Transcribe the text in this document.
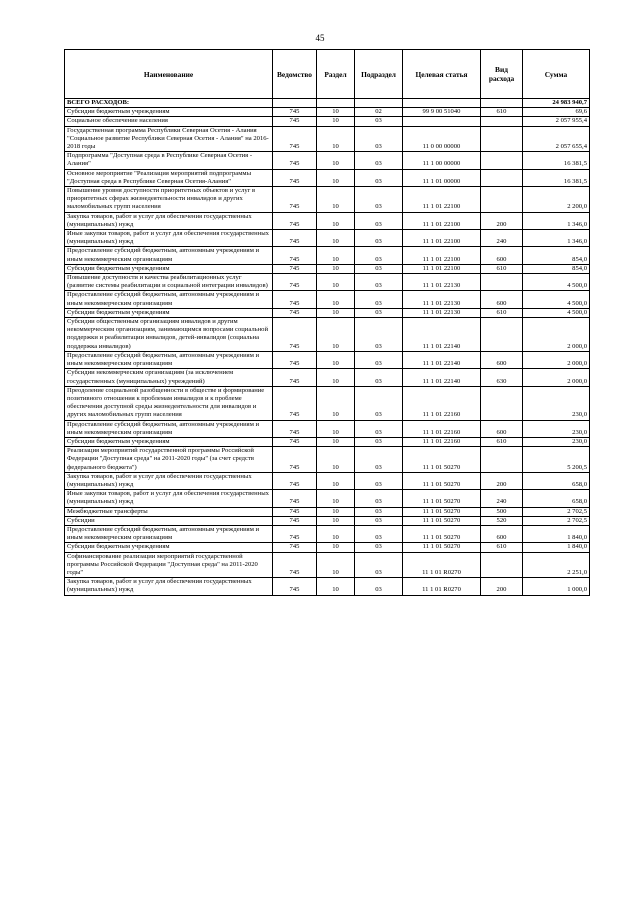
45
Наименование	Ведомство	Раздел	Подраздел	Целевая статья	Вид расхода	Сумма
ВСЕГО РАСХОДОВ:						24 983 940,7
Субсидии бюджетным учреждениям	745	10	02	99 9 00 51040	610	69,6
Социальное обеспечение населения	745	10	03			2 057 955,4
Государственная программа Республики Северная Осетия - Алания "Социальное развитие Республики Северная Осетия - Алания" на 2016-2018 годы	745	10	03	11 0 00 00000		2 057 655,4
Подпрограмма "Доступная среда в Республике Северная Осетия - Алания"	745	10	03	11 1 00 00000		16 381,5
Основное мероприятие "Реализация мероприятий подпрограммы "Доступная среда в Республике Северная Осетия-Алания"	745	10	03	11 1 01 00000		16 381,5
Повышение уровня доступности приоритетных объектов и услуг в приоритетных сферах жизнедеятельности инвалидов и других маломобильных групп населения	745	10	03	11 1 01 22100		2 200,0
Закупка товаров, работ и услуг для обеспечения государственных (муниципальных) нужд	745	10	03	11 1 01 22100	200	1 346,0
Иные закупки товаров, работ и услуг для обеспечения государственных (муниципальных) нужд	745	10	03	11 1 01 22100	240	1 346,0
Предоставление субсидий бюджетным, автономным учреждениям и иным некоммерческим организациям	745	10	03	11 1 01 22100	600	854,0
Субсидии бюджетным учреждениям	745	10	03	11 1 01 22100	610	854,0
Повышение доступности и качества реабилитационных услуг (развитие системы реабилитации и социальной интеграции инвалидов)	745	10	03	11 1 01 22130		4 500,0
Предоставление субсидий бюджетным, автономным учреждениям и иным некоммерческим организациям	745	10	03	11 1 01 22130	600	4 500,0
Субсидии бюджетным учреждениям	745	10	03	11 1 01 22130	610	4 500,0
Субсидии общественным организациям инвалидов и другим некоммерческим организациям, занимающимся вопросами социальной поддержки и реабилитации инвалидов, детей-инвалидов (социальна поддержка инвалидов)	745	10	03	11 1 01 22140		2 000,0
Предоставление субсидий бюджетным, автономным учреждениям и иным некоммерческим организациям	745	10	03	11 1 01 22140	600	2 000,0
Субсидии некоммерческим организациям (за исключением государственных (муниципальных) учреждений)	745	10	03	11 1 01 22140	630	2 000,0
Преодоление социальной разобщенности в обществе и формирование позитивного отношения к проблемам инвалидов и к проблеме обеспечения доступной среды жизнедеятельности для инвалидов и других маломобильных групп населения	745	10	03	11 1 01 22160		230,0
Предоставление субсидий бюджетным, автономным учреждениям и иным некоммерческим организациям	745	10	03	11 1 01 22160	600	230,0
Субсидии бюджетным учреждениям	745	10	03	11 1 01 22160	610	230,0
Реализация мероприятий государственной программы Российской Федерации "Доступная среда" на 2011-2020 годы" (за счет средств федерального бюджета")	745	10	03	11 1 01 50270		5 200,5
Закупка товаров, работ и услуг для обеспечения государственных (муниципальных) нужд	745	10	03	11 1 01 50270	200	658,0
Иные закупки товаров, работ и услуг для обеспечения государственных (муниципальных) нужд	745	10	03	11 1 01 50270	240	658,0
Межбюджетные трансферты	745	10	03	11 1 01 50270	500	2 702,5
Субсидии	745	10	03	11 1 01 50270	520	2 702,5
Предоставление субсидий бюджетным, автономным учреждениям и иным некоммерческим организациям	745	10	03	11 1 01 50270	600	1 840,0
Субсидии бюджетным учреждениям	745	10	03	11 1 01 50270	610	1 840,0
Софинансирование реализации мероприятий государственной программы Российской Федерации "Доступная среда" на 2011-2020 годы"	745	10	03	11 1 01 R0270		2 251,0
Закупка товаров, работ и услуг для обеспечения государственных (муниципальных) нужд	745	10	03	11 1 01 R0270	200	1 000,0
